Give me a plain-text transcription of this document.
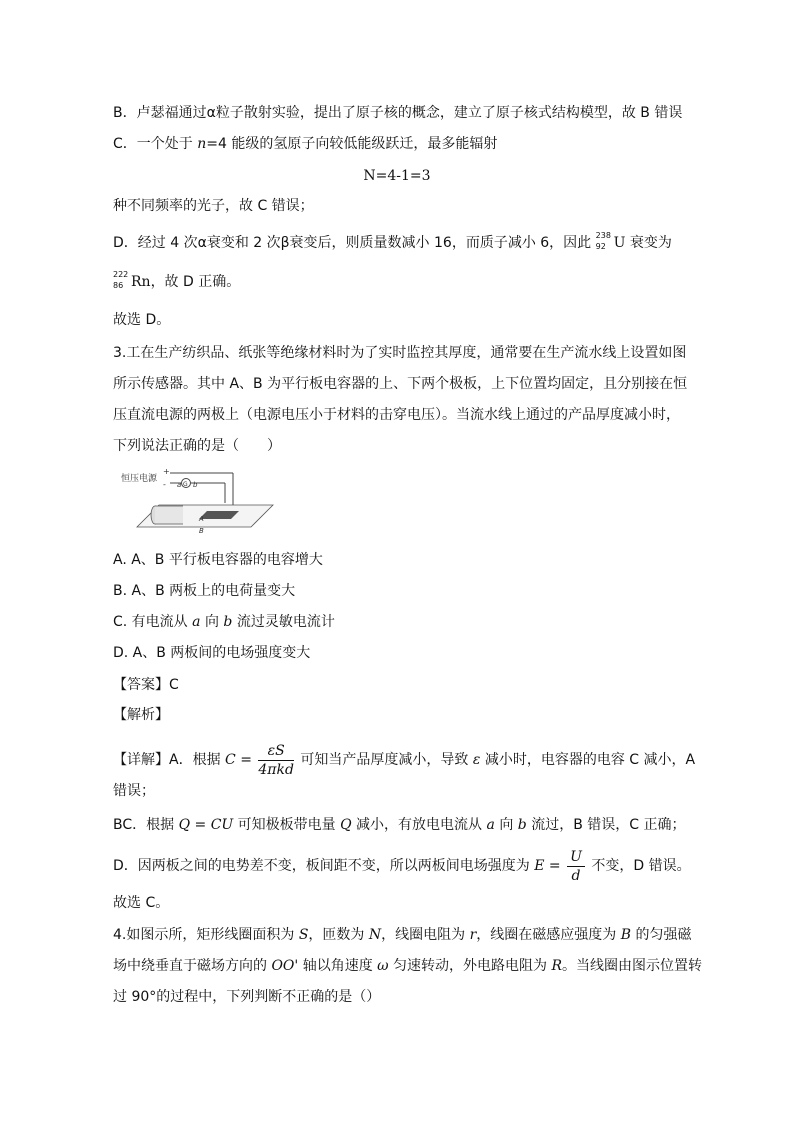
B．卢瑟福通过α粒子散射实验，提出了原子核的概念，建立了原子核式结构模型，故 B 错误
C．一个处于 n=4 能级的氢原子向较低能级跃迁，最多能辐射
N=4-1=3
种不同频率的光子，故 C 错误；
D．经过 4 次α衰变和 2 次β衰变后，则质量数减小 16，而质子减小 6，因此 238
92 U 衰变为
222
86 Rn，故 D 正确。
故选 D。
3.工在生产纺织品、纸张等绝缘材料时为了实时监控其厚度，通常要在生产流水线上设置如图
所示传感器。其中 A、B 为平行板电容器的上、下两个极板，上下位置均固定，且分别接在恒
压直流电源的两极上（电源电压小于材料的击穿电压）。当流水线上通过的产品厚度减小时，
下列说法正确的是（　　）
恒压电源
+
- a G b
A
B
A. A、B 平行板电容器的电容增大
B. A、B 两板上的电荷量变大
C. 有电流从 a 向 b 流过灵敏电流计
D. A、B 两板间的电场强度变大
【答案】C
【解析】
【详解】A．根据 $C = \frac{\varepsilon S}{\text{4πkd}}$ 可知当产品厚度减小，导致 ε 减小时，电容器的电容 C 减小，A
错误；
BC．根据 Q = CU 可知极板带电量 Q 减小，有放电电流从 a 向 b 流过，B 错误，C 正确；
D．因两板之间的电势差不变，板间距不变，所以两板间电场强度为 $E = \frac{U}{d}$ 不变，D 错误。
故选 C。
4.如图示所，矩形线圈面积为 S，匝数为 N，线圈电阻为 r，线圈在磁感应强度为 B 的匀强磁
场中绕垂直于磁场方向的 OO' 轴以角速度 ω 匀速转动，外电路电阻为 R。当线圈由图示位置转
过 90°的过程中，下列判断不正确的是（）
